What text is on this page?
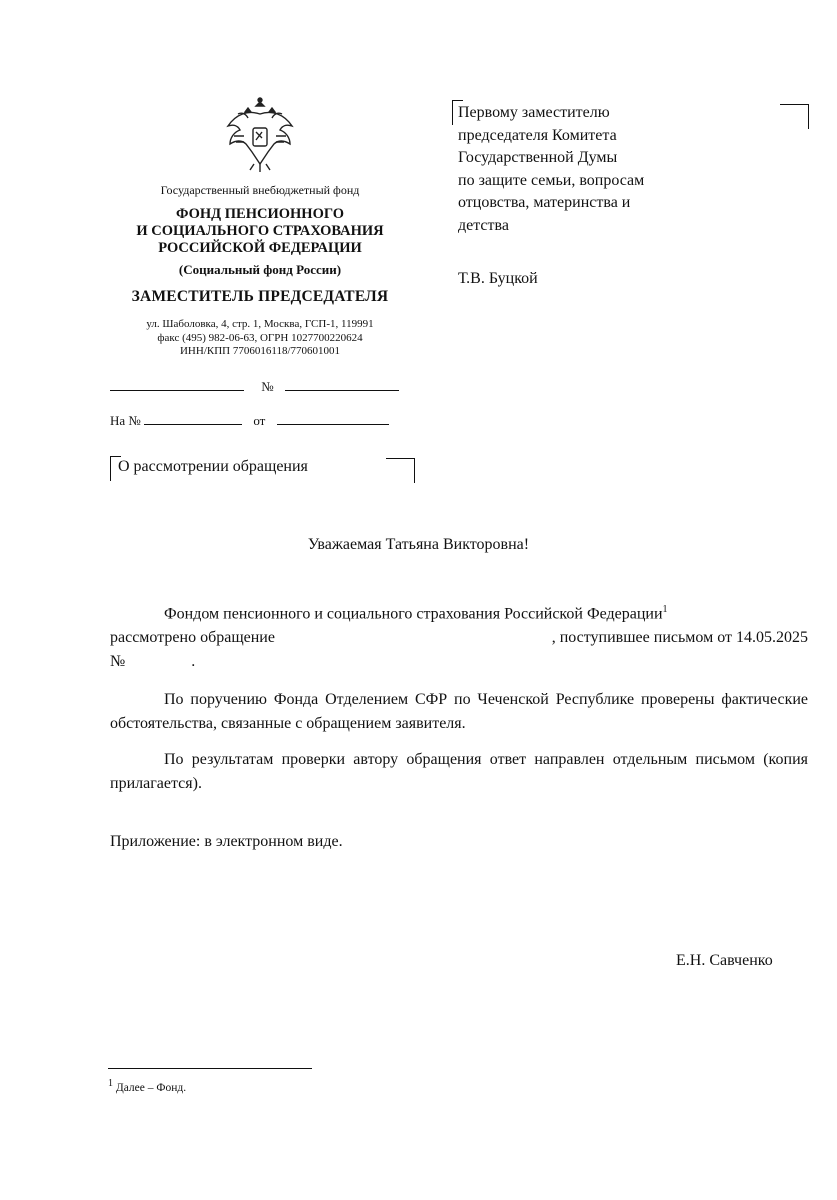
Государственный внебюджетный фонд
ФОНД ПЕНСИОННОГО
И СОЦИАЛЬНОГО СТРАХОВАНИЯ
РОССИЙСКОЙ ФЕДЕРАЦИИ
(Социальный фонд России)
ЗАМЕСТИТЕЛЬ ПРЕДСЕДАТЕЛЯ
ул. Шаболовка, 4, стр. 1, Москва, ГСП-1, 119991
факс (495) 982-06-63, ОГРН 1027700220624
ИНН/КПП 7706016118/770601001
№
На №	от
О рассмотрении обращения
Первому заместителю
председателя Комитета
Государственной Думы
по защите семьи, вопросам
отцовства, материнства и
детства
Т.В. Буцкой
Уважаемая Татьяна Викторовна!
Фондом пенсионного и социального страхования Российской Федерации$^1$
рассмотрено обращение	, поступившее письмом от 14.05.2025
№	.
По поручению Фонда Отделением СФР по Чеченской Республике проверены фактические обстоятельства, связанные с обращением заявителя.
По результатам проверки автору обращения ответ направлен отдельным письмом (копия прилагается).
Приложение: в электронном виде.
Е.Н. Савченко
$^1$ Далее – Фонд.
